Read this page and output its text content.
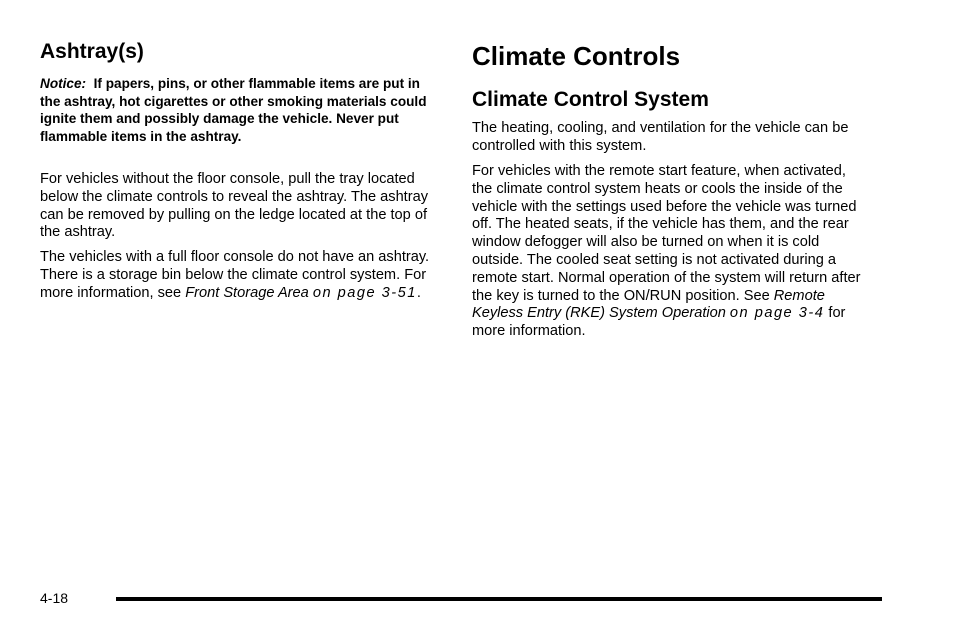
Ashtray(s)

Notice: If papers, pins, or other flammable items are put in the ashtray, hot cigarettes or other smoking materials could ignite them and possibly damage the vehicle. Never put flammable items in the ashtray.

For vehicles without the floor console, pull the tray located below the climate controls to reveal the ashtray. The ashtray can be removed by pulling on the ledge located at the top of the ashtray.

The vehicles with a full floor console do not have an ashtray. There is a storage bin below the climate control system. For more information, see Front Storage Area on page 3-51.

Climate Controls
Climate Control System

The heating, cooling, and ventilation for the vehicle can be controlled with this system.

For vehicles with the remote start feature, when activated, the climate control system heats or cools the inside of the vehicle with the settings used before the vehicle was turned off. The heated seats, if the vehicle has them, and the rear window defogger will also be turned on when it is cold outside. The cooled seat setting is not activated during a remote start. Normal operation of the system will return after the key is turned to the ON/RUN position. See Remote Keyless Entry (RKE) System Operation on page 3-4 for more information.

4-18
